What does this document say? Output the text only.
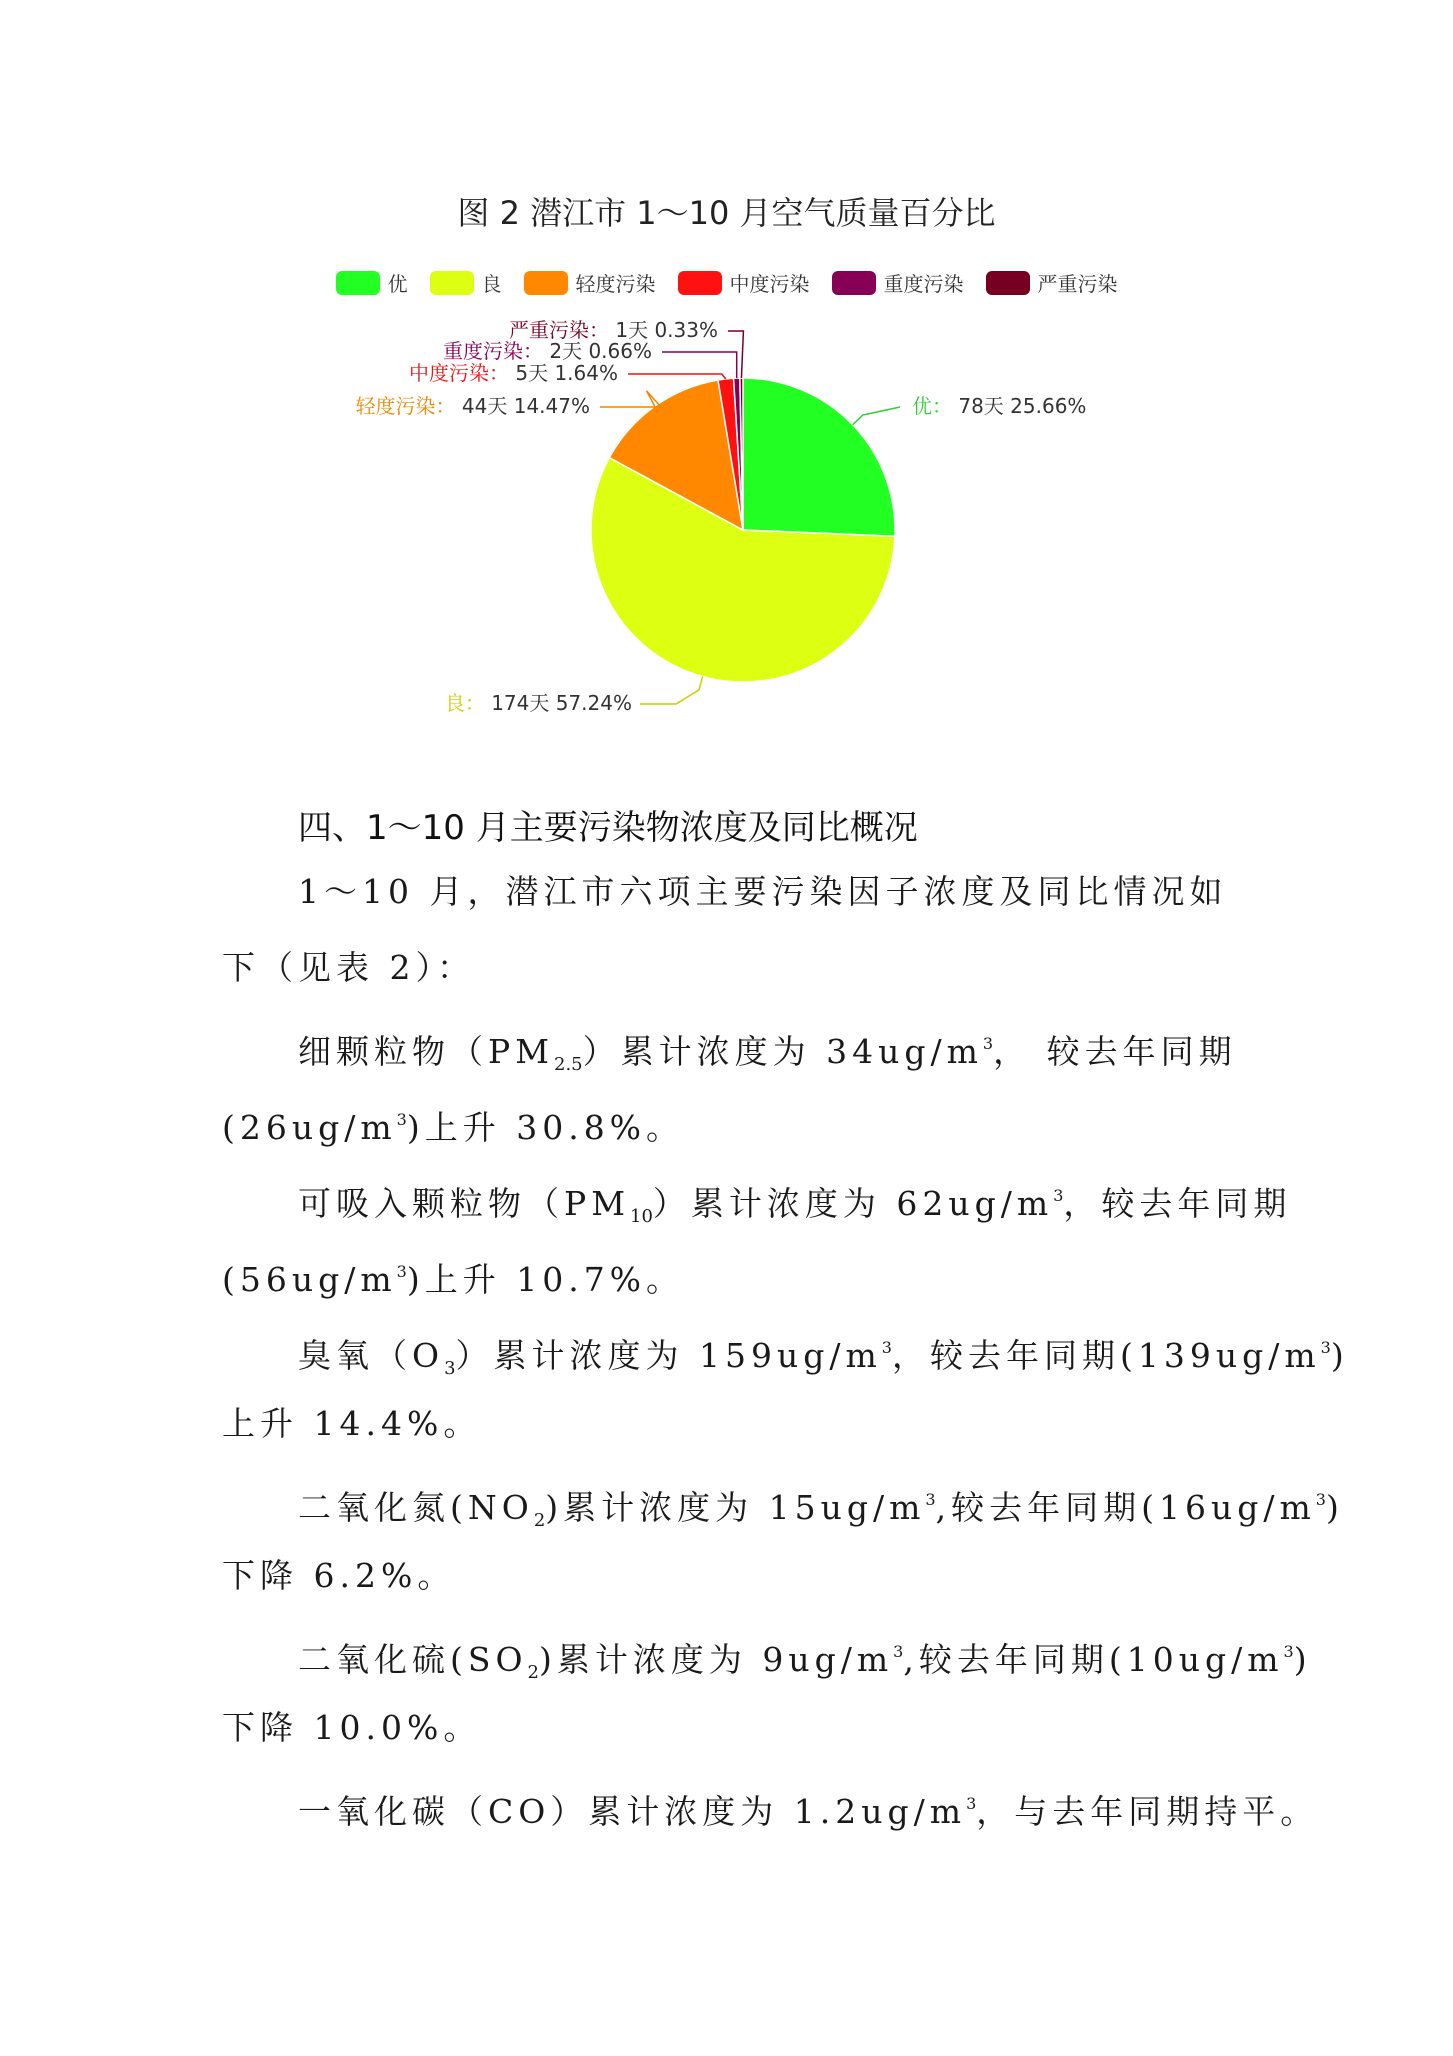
图 2 潜江市 1～10 月空气质量百分比
优	良	轻度污染	中度污染	重度污染	严重污染
优： 78天 25.66%
良： 174天 57.24%
轻度污染： 44天 14.47%
中度污染： 5天 1.64%
重度污染： 2天 0.66%
严重污染： 1天 0.33%
四、1～10 月主要污染物浓度及同比概况
1～10 月，潜江市六项主要污染因子浓度及同比情况如
下（见表 2）：
细颗粒物$(PM_{2.5})$累计浓度为 $34ug/m^3$， 较去年同期
$(26ug/m^3)$上升 30.8%。
可吸入颗粒物$(PM_{10})$累计浓度为 $62ug/m^3$，较去年同期
$(56ug/m^3)$上升 10.7%。
臭氧$(O_3)$累计浓度为 $159ug/m^3$，较去年同期$(139ug/m^3)$
上升 14.4%。
二氧化氮$(NO_2)$累计浓度为 $15ug/m^3$,较去年同期$(16ug/m^3)$
下降 6.2%。
二氧化硫$(SO_2)$累计浓度为 $9ug/m^3$,较去年同期$(10ug/m^3)$
下降 10.0%。
一氧化碳（CO）累计浓度为 $1.2ug/m^3$，与去年同期持平。
